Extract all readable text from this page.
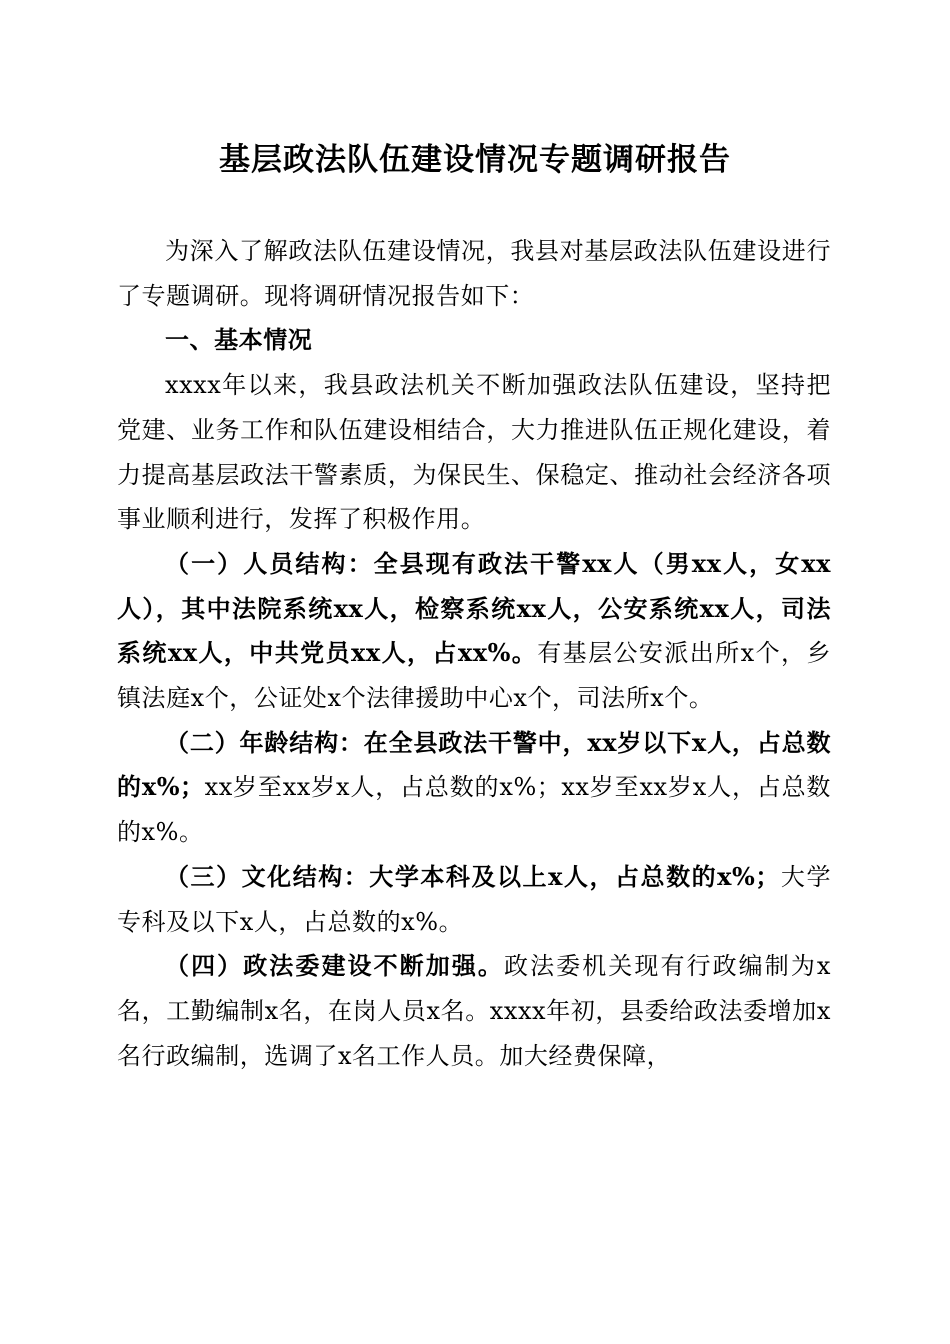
基层政法队伍建设情况专题调研报告

为深入了解政法队伍建设情况，我县对基层政法队伍建设进行了专题调研。现将调研情况报告如下：

一、基本情况

xxxx年以来，我县政法机关不断加强政法队伍建设，坚持把党建、业务工作和队伍建设相结合，大力推进队伍正规化建设，着力提高基层政法干警素质，为保民生、保稳定、推动社会经济各项事业顺利进行，发挥了积极作用。

（一）人员结构：全县现有政法干警xx人（男xx人，女xx人），其中法院系统xx人，检察系统xx人，公安系统xx人，司法系统xx人，中共党员xx人，占xx%。有基层公安派出所x个，乡镇法庭x个，公证处x个法律援助中心x个，司法所x个。

（二）年龄结构：在全县政法干警中，xx岁以下x人，占总数的x%；xx岁至xx岁x人，占总数的x%；xx岁至xx岁x人，占总数的x%。

（三）文化结构：大学本科及以上x人，占总数的x%；大学专科及以下x人，占总数的x%。

（四）政法委建设不断加强。政法委机关现有行政编制为x名，工勤编制x名，在岗人员x名。xxxx年初，县委给政法委增加x名行政编制，选调了x名工作人员。加大经费保障，
